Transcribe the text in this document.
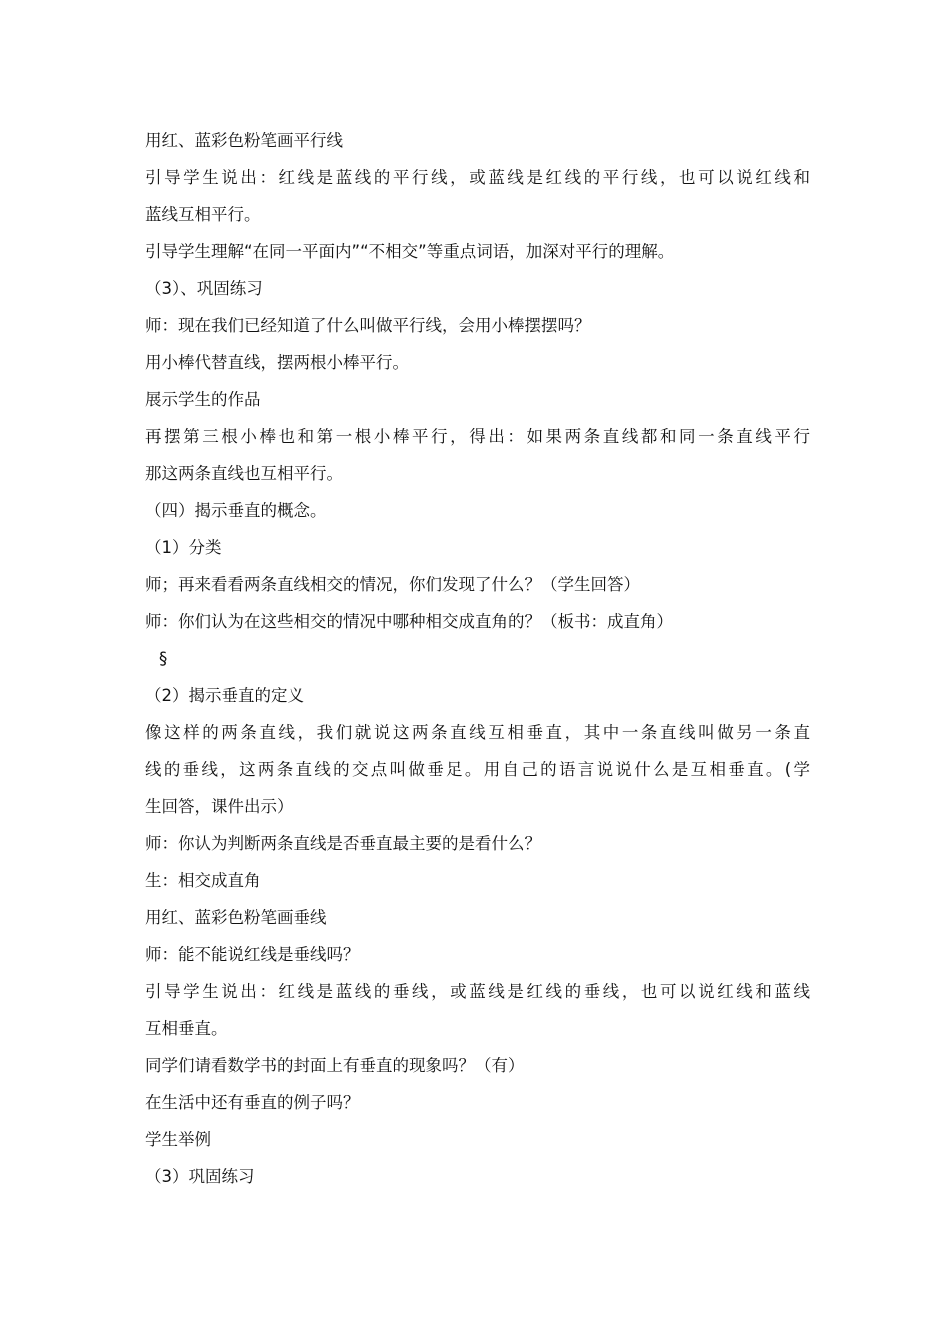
用红、蓝彩色粉笔画平行线
引导学生说出：红线是蓝线的平行线，或蓝线是红线的平行线，也可以说红线和
蓝线互相平行。
引导学生理解“在同一平面内”“不相交”等重点词语，加深对平行的理解。
（3）、巩固练习
师：现在我们已经知道了什么叫做平行线，会用小棒摆摆吗？
用小棒代替直线，摆两根小棒平行。
展示学生的作品
再摆第三根小棒也和第一根小棒平行，得出：如果两条直线都和同一条直线平行
那这两条直线也互相平行。
（四）揭示垂直的概念。
（1）分类
师；再来看看两条直线相交的情况，你们发现了什么？（学生回答）
师：你们认为在这些相交的情况中哪种相交成直角的？（板书：成直角）
§
（2）揭示垂直的定义
像这样的两条直线，我们就说这两条直线互相垂直，其中一条直线叫做另一条直
线的垂线，这两条直线的交点叫做垂足。用自己的语言说说什么是互相垂直。(学
生回答，课件出示）
师：你认为判断两条直线是否垂直最主要的是看什么？
生：相交成直角
用红、蓝彩色粉笔画垂线
师：能不能说红线是垂线吗？
引导学生说出：红线是蓝线的垂线，或蓝线是红线的垂线，也可以说红线和蓝线
互相垂直。
同学们请看数学书的封面上有垂直的现象吗？（有）
在生活中还有垂直的例子吗？
学生举例
（3）巩固练习
